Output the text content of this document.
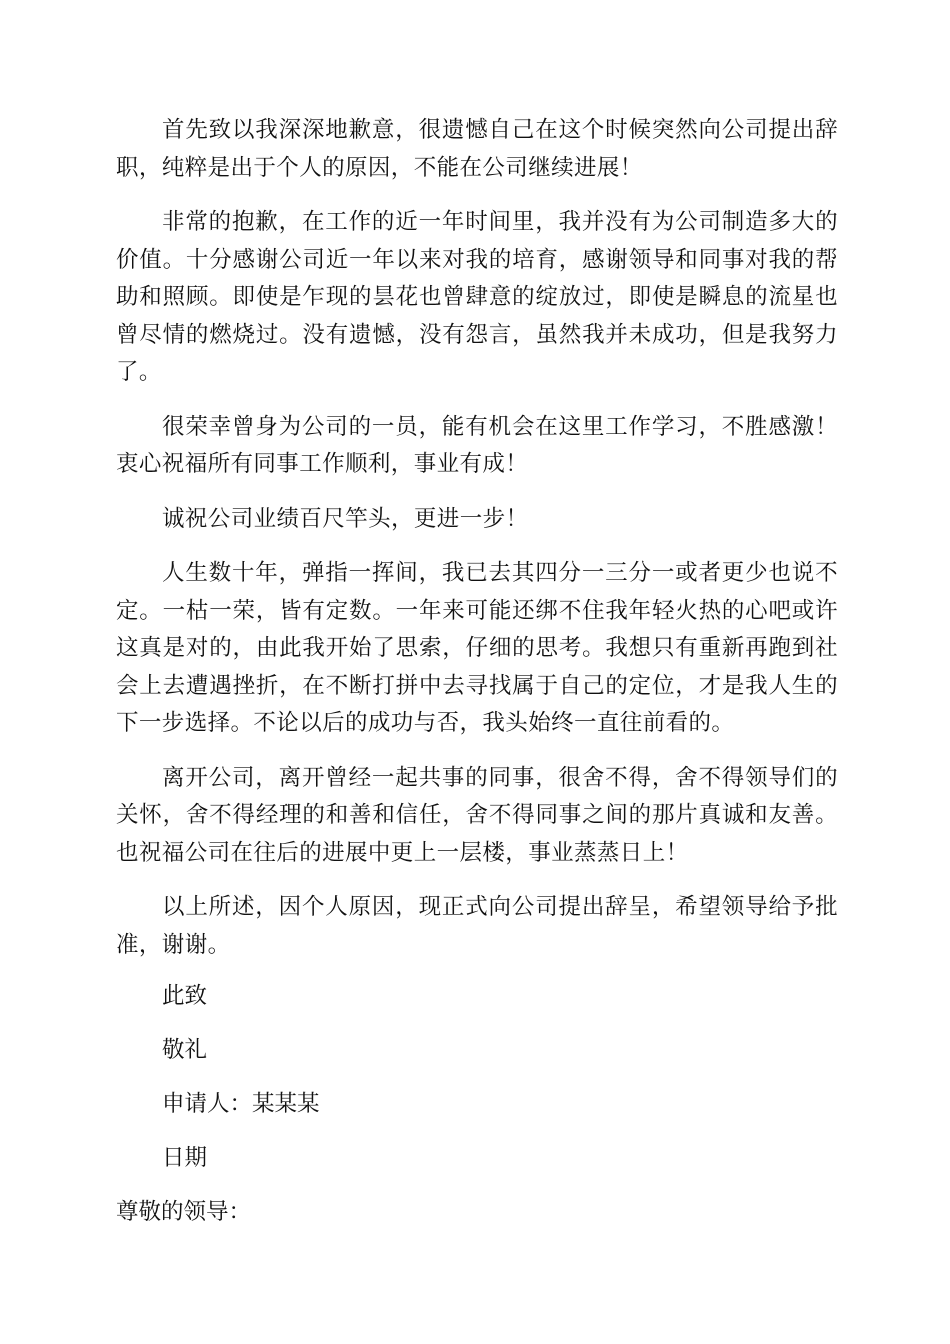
首先致以我深深地歉意，很遗憾自己在这个时候突然向公司提出辞职，纯粹是出于个人的原因，不能在公司继续进展！

非常的抱歉，在工作的近一年时间里，我并没有为公司制造多大的价值。十分感谢公司近一年以来对我的培育，感谢领导和同事对我的帮助和照顾。即使是乍现的昙花也曾肆意的绽放过，即使是瞬息的流星也曾尽情的燃烧过。没有遗憾，没有怨言，虽然我并未成功，但是我努力了。

很荣幸曾身为公司的一员，能有机会在这里工作学习，不胜感激！衷心祝福所有同事工作顺利，事业有成！

诚祝公司业绩百尺竿头，更进一步！

人生数十年，弹指一挥间，我已去其四分一三分一或者更少也说不定。一枯一荣，皆有定数。一年来可能还绑不住我年轻火热的心吧或许这真是对的，由此我开始了思索，仔细的思考。我想只有重新再跑到社会上去遭遇挫折，在不断打拼中去寻找属于自己的定位，才是我人生的下一步选择。不论以后的成功与否，我头始终一直往前看的。

离开公司，离开曾经一起共事的同事，很舍不得，舍不得领导们的关怀，舍不得经理的和善和信任，舍不得同事之间的那片真诚和友善。也祝福公司在往后的进展中更上一层楼，事业蒸蒸日上！

以上所述，因个人原因，现正式向公司提出辞呈，希望领导给予批准，谢谢。

此致

敬礼

申请人：某某某

日期

尊敬的领导：
